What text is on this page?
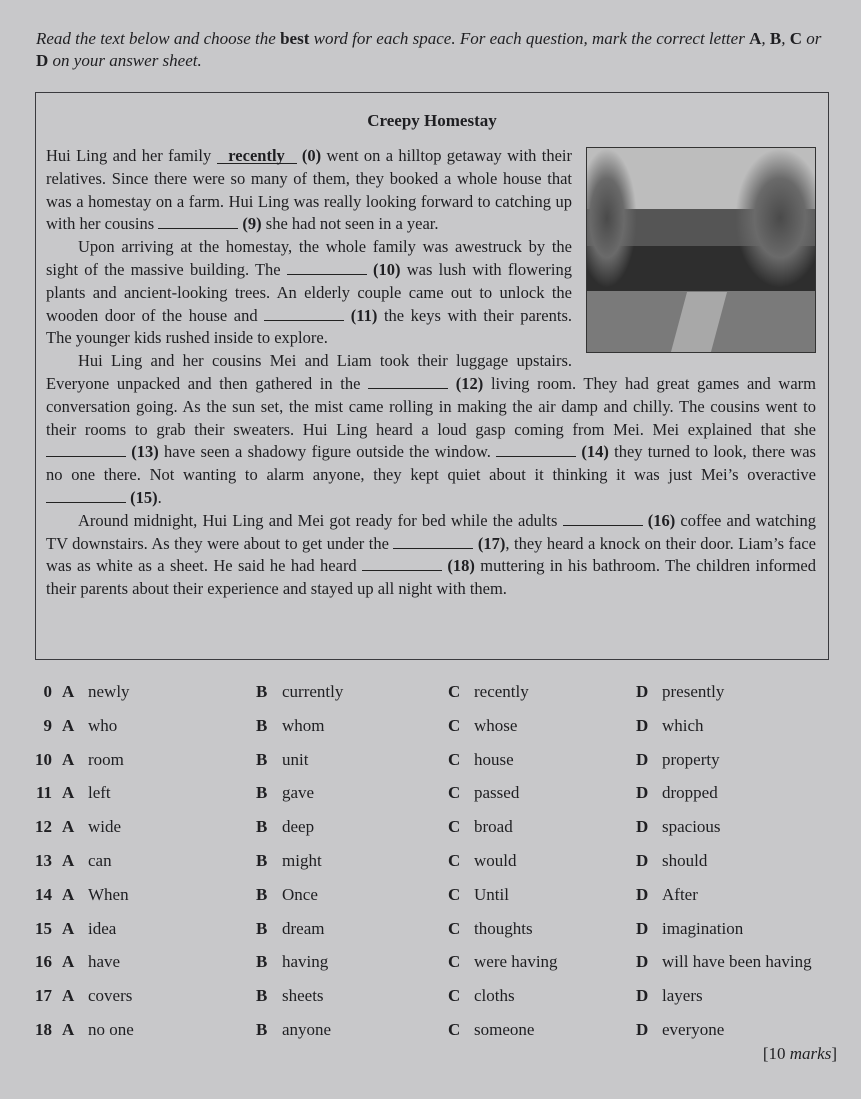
Read the text below and choose the best word for each space. For each question, mark the correct letter A, B, C or D on your answer sheet.
Creepy Homestay

Hui Ling and her family recently (0) went on a hilltop getaway with their relatives. Since there were so many of them, they booked a whole house that was a homestay on a farm. Hui Ling was really looking forward to catching up with her cousins	(9) she had not seen in a year.

Upon arriving at the homestay, the whole family was awestruck by the sight of the massive building. The	(10) was lush with flowering plants and ancient-looking trees. An elderly couple came out to unlock the wooden door of the house and	(11) the keys with their parents. The younger kids rushed inside to explore.

Hui Ling and her cousins Mei and Liam took their luggage upstairs. Everyone unpacked and then gathered in the	(12) living room. They had great games and warm conversation going. As the sun set, the mist came rolling in making the air damp and chilly. The cousins went to their rooms to grab their sweaters. Hui Ling heard a loud gasp coming from Mei. Mei explained that she  (13) have seen a shadowy figure outside the window.	(14) they turned to look, there was no one there. Not wanting to alarm anyone, they kept quiet about it thinking it was just Mei’s overactive  (15).

Around midnight, Hui Ling and Mei got ready for bed while the adults	(16) coffee and watching TV downstairs. As they were about to get under the	(17), they heard a knock on their door. Liam’s face was as white as a sheet. He said he had heard	(18) muttering in his bathroom. The children informed their parents about their experience and stayed up all night with them.

0 A newly	B currently	C recently	D presently
9 A who	B whom	C whose	D which
10 A room	B unit	C house	D property
11 A left	B gave	C passed	D dropped
12 A wide	B deep	C broad	D spacious
13 A can	B might	C would	D should
14 A When	B Once	C Until	D After
15 A idea	B dream	C thoughts	D imagination
16 A have	B having	C were having	D will have been having
17 A covers	B sheets	C cloths	D layers
18 A no one	B anyone	C someone	D everyone
[10 marks]
